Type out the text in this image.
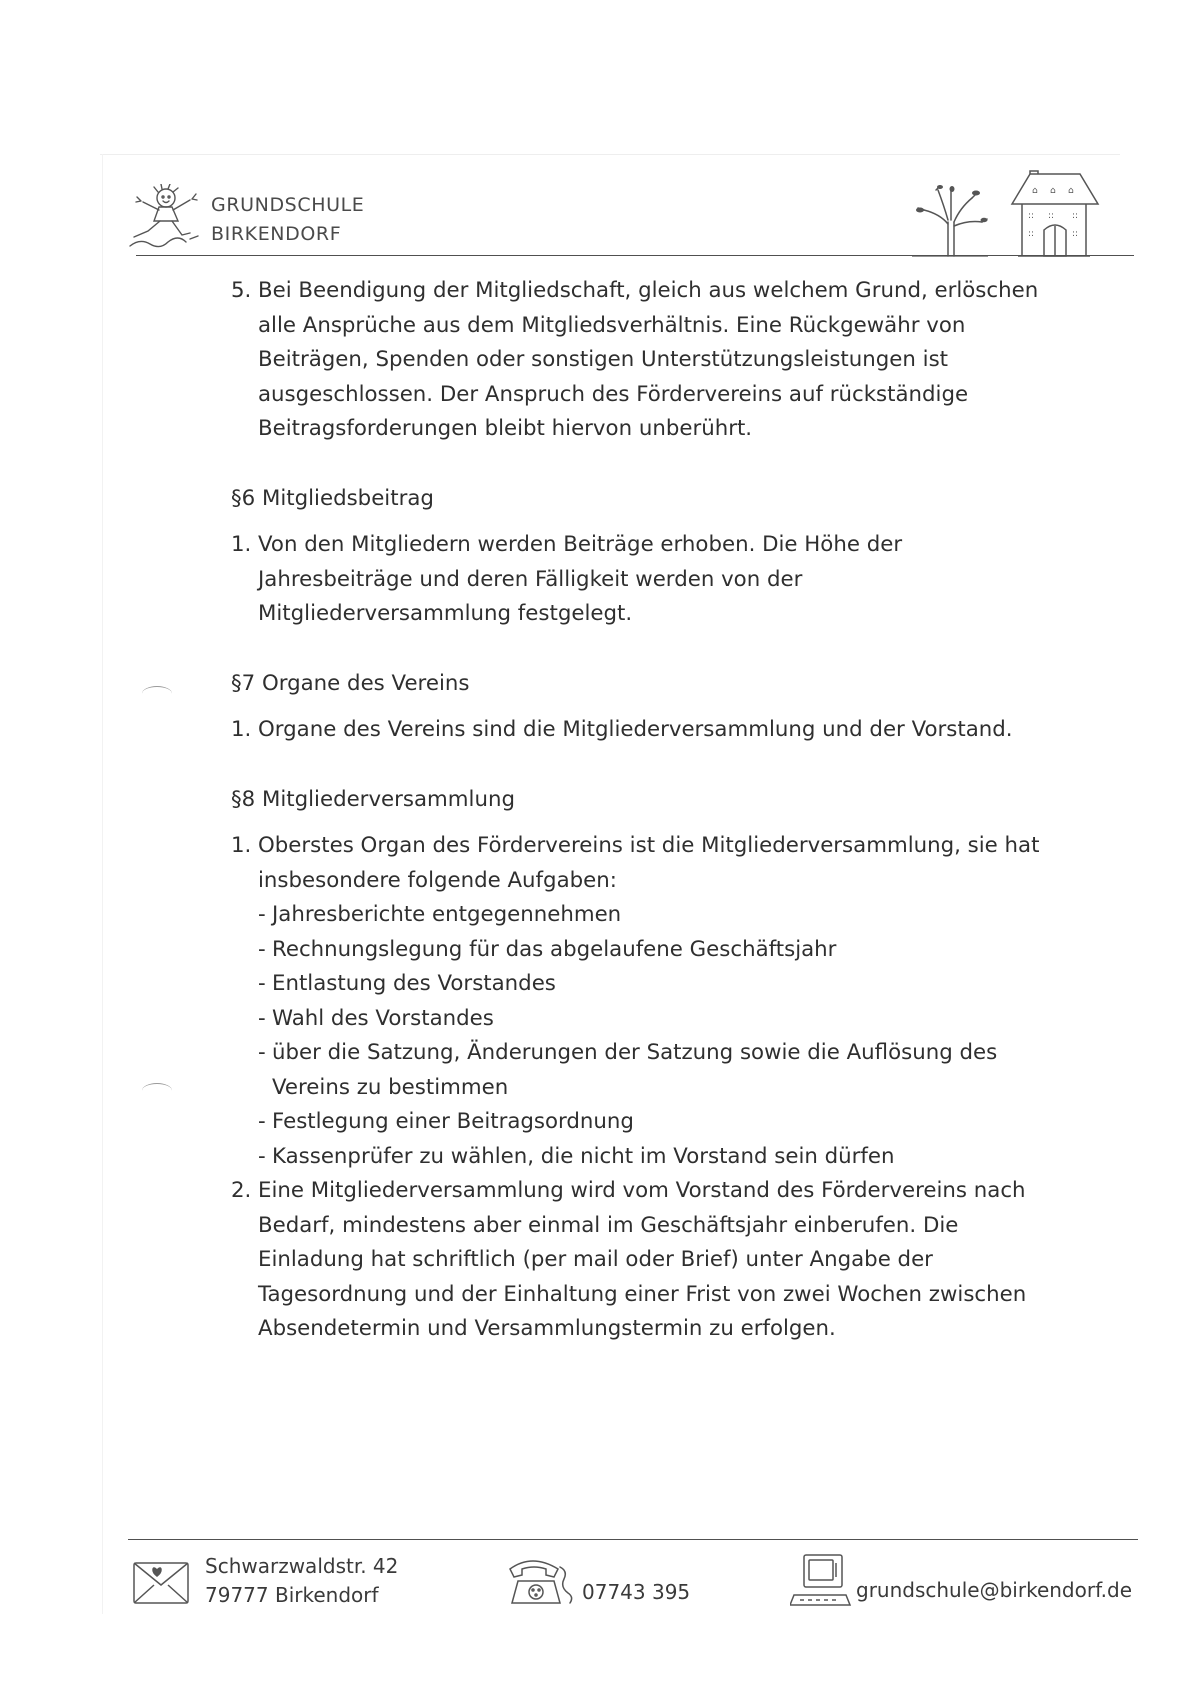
GRUNDSCHULE
BIRKENDORF
⌂ ⌂ ⌂
:: :: ::
::	::
5. Bei Beendigung der Mitgliedschaft, gleich aus welchem Grund, erlöschen alle Ansprüche aus dem Mitgliedsverhältnis. Eine Rückgewähr von Beiträgen, Spenden oder sonstigen Unterstützungsleistungen ist ausgeschlossen. Der Anspruch des Fördervereins auf rückständige Beitragsforderungen bleibt hiervon unberührt.
§6 Mitgliedsbeitrag
1. Von den Mitgliedern werden Beiträge erhoben. Die Höhe der Jahresbeiträge und deren Fälligkeit werden von der Mitgliederversammlung festgelegt.
§7 Organe des Vereins
1. Organe des Vereins sind die Mitgliederversammlung und der Vorstand.
§8 Mitgliederversammlung
1. Oberstes Organ des Fördervereins ist die Mitgliederversammlung, sie hat insbesondere folgende Aufgaben:
- Jahresberichte entgegennehmen
- Rechnungslegung für das abgelaufene Geschäftsjahr
- Entlastung des Vorstandes
- Wahl des Vorstandes
- über die Satzung, Änderungen der Satzung sowie die Auflösung des Vereins zu bestimmen
- Festlegung einer Beitragsordnung
- Kassenprüfer zu wählen, die nicht im Vorstand sein dürfen
2. Eine Mitgliederversammlung wird vom Vorstand des Fördervereins nach Bedarf, mindestens aber einmal im Geschäftsjahr einberufen. Die Einladung hat schriftlich (per mail oder Brief) unter Angabe der Tagesordnung und der Einhaltung einer Frist von zwei Wochen zwischen Absendetermin und Versammlungstermin zu erfolgen.
Schwarzwaldstr. 42
79777 Birkendorf	07743 395	grundschule@birkendorf.de
